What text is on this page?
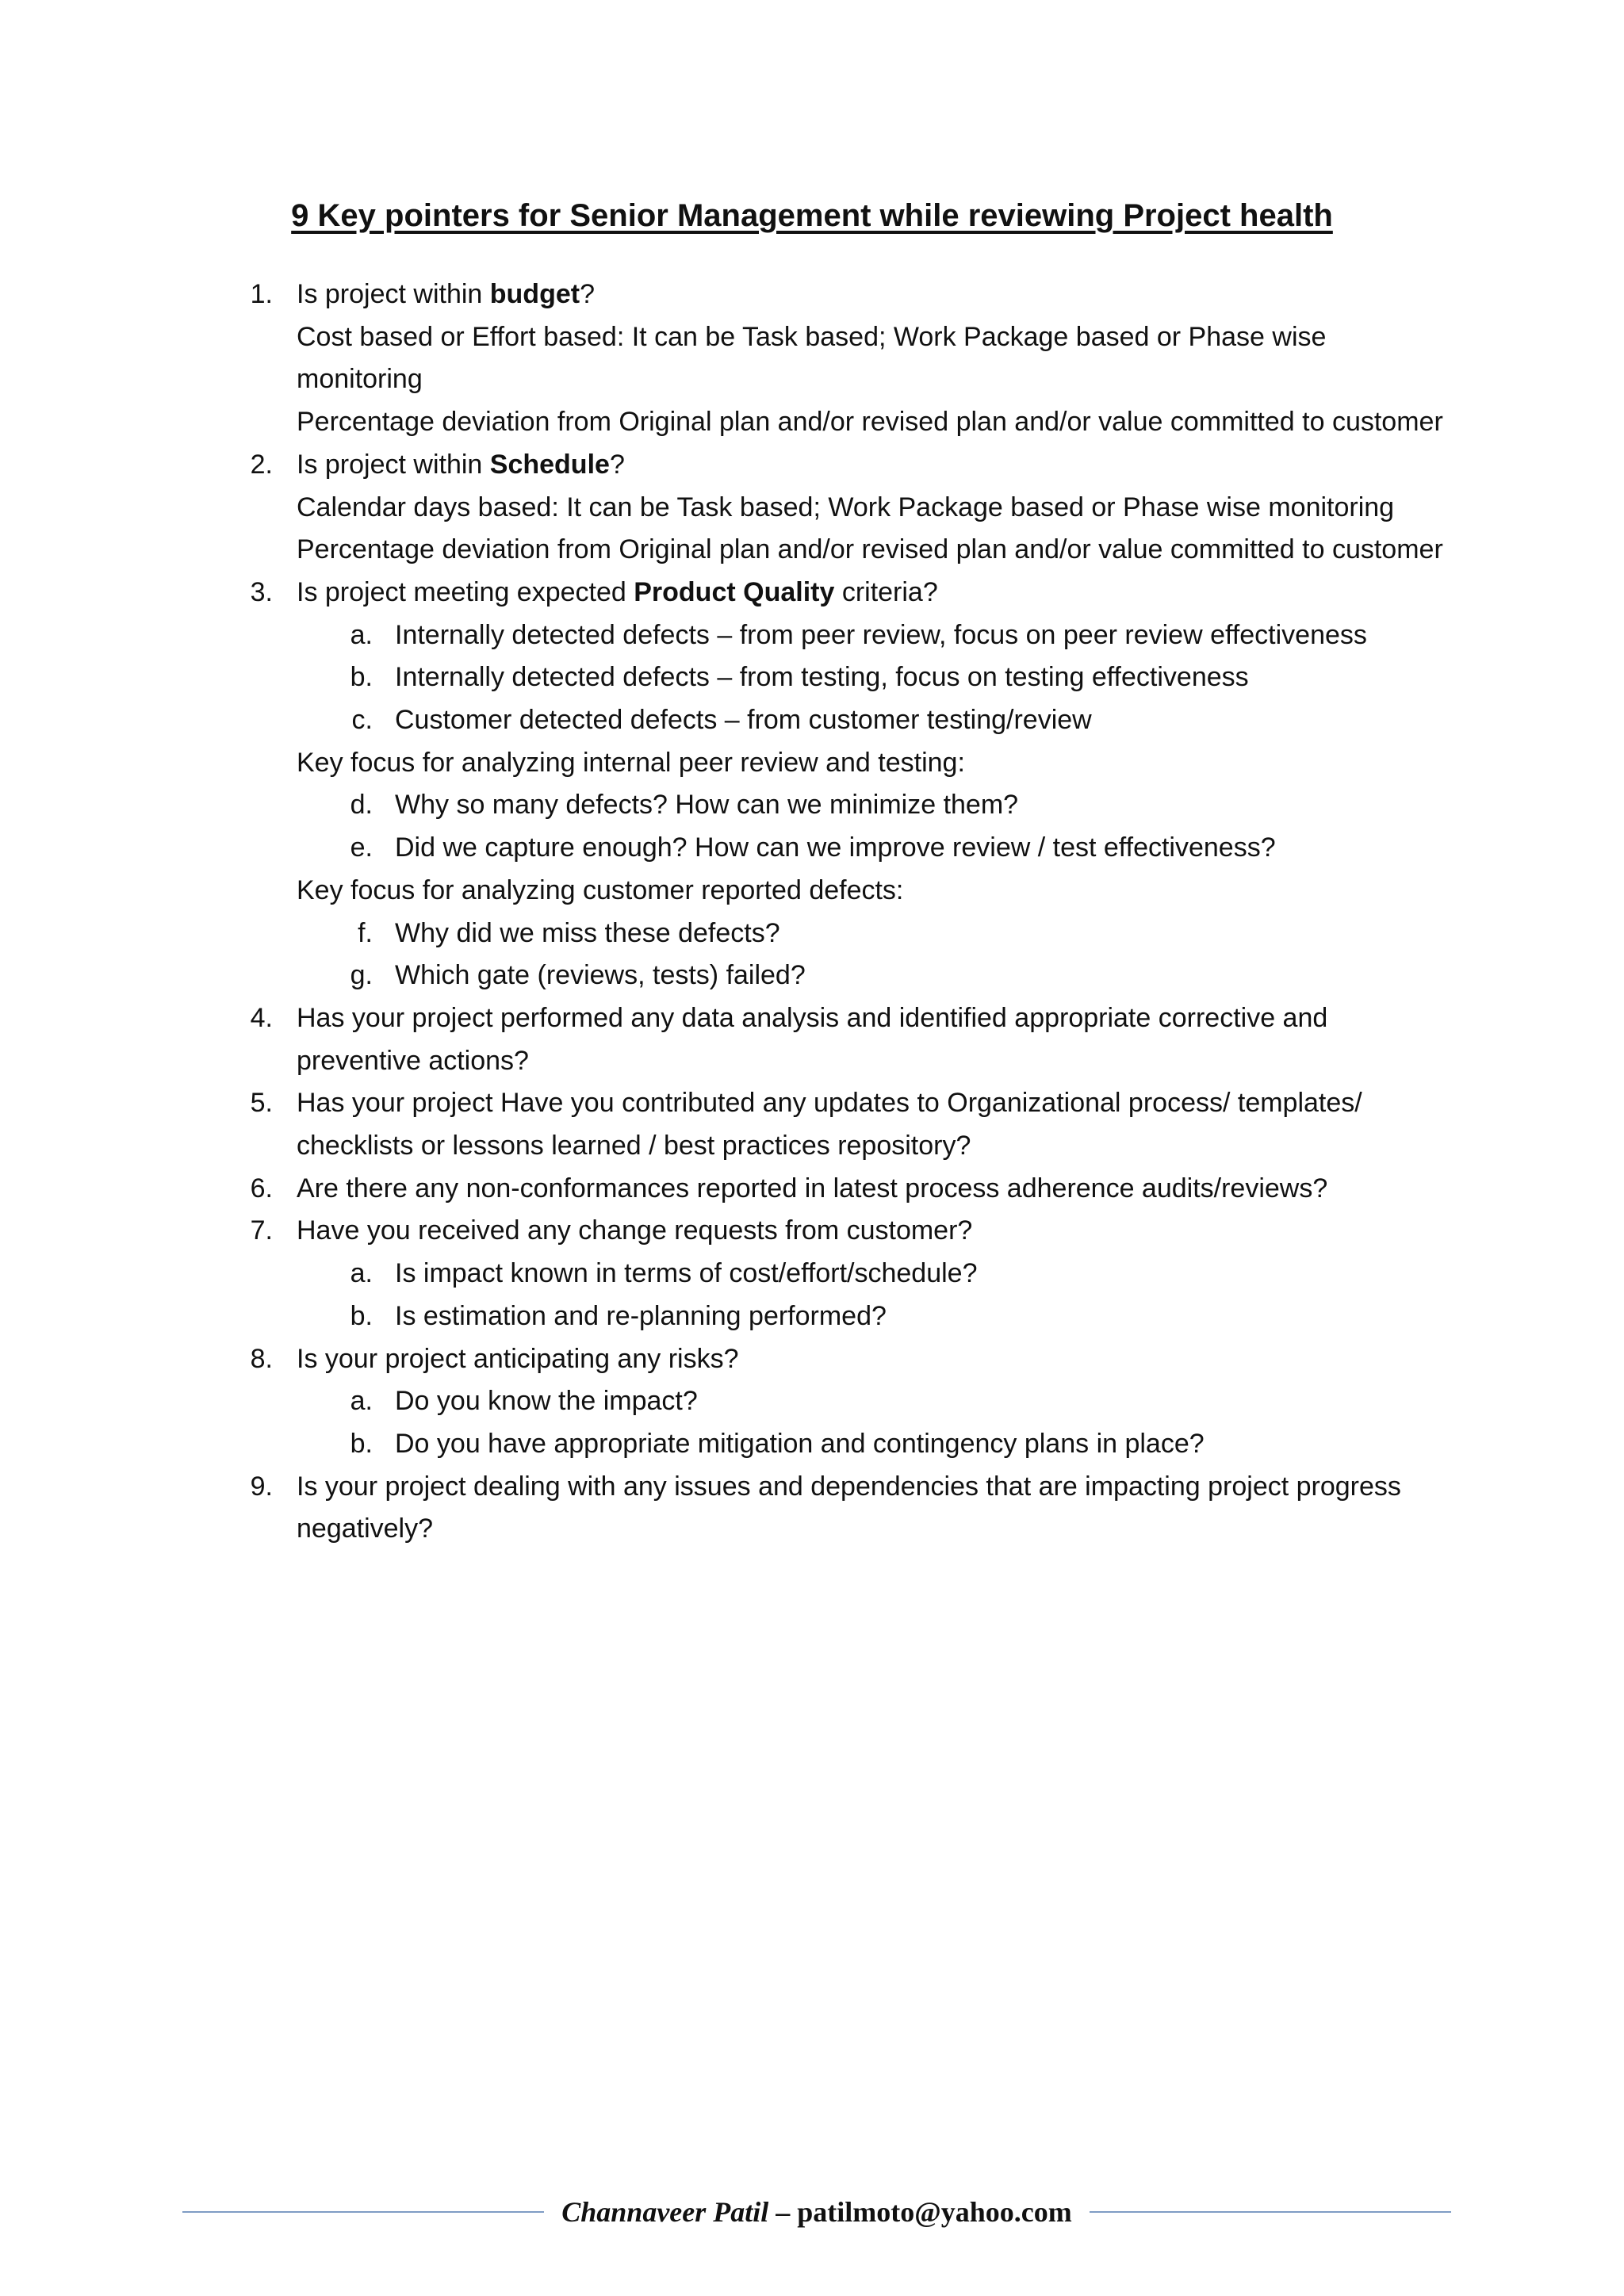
9 Key pointers for Senior Management while reviewing Project health
1. Is project within budget?
Cost based or Effort based: It can be Task based; Work Package based or Phase wise monitoring
Percentage deviation from Original plan and/or revised plan and/or value committed to customer
2. Is project within Schedule?
Calendar days based: It can be Task based; Work Package based or Phase wise monitoring
Percentage deviation from Original plan and/or revised plan and/or value committed to customer
3. Is project meeting expected Product Quality criteria?
a. Internally detected defects – from peer review, focus on peer review effectiveness
b. Internally detected defects – from testing, focus on testing effectiveness
c. Customer detected defects – from customer testing/review
Key focus for analyzing internal peer review and testing:
d. Why so many defects? How can we minimize them?
e. Did we capture enough? How can we improve review / test effectiveness?
Key focus for analyzing customer reported defects:
f. Why did we miss these defects?
g. Which gate (reviews, tests) failed?
4. Has your project performed any data analysis and identified appropriate corrective and preventive actions?
5. Has your project Have you contributed any updates to Organizational process/ templates/ checklists or lessons learned / best practices repository?
6. Are there any non-conformances reported in latest process adherence audits/reviews?
7. Have you received any change requests from customer?
a. Is impact known in terms of cost/effort/schedule?
b. Is estimation and re-planning performed?
8. Is your project anticipating any risks?
a. Do you know the impact?
b. Do you have appropriate mitigation and contingency plans in place?
9. Is your project dealing with any issues and dependencies that are impacting project progress negatively?
Channaveer Patil – patilmoto@yahoo.com
